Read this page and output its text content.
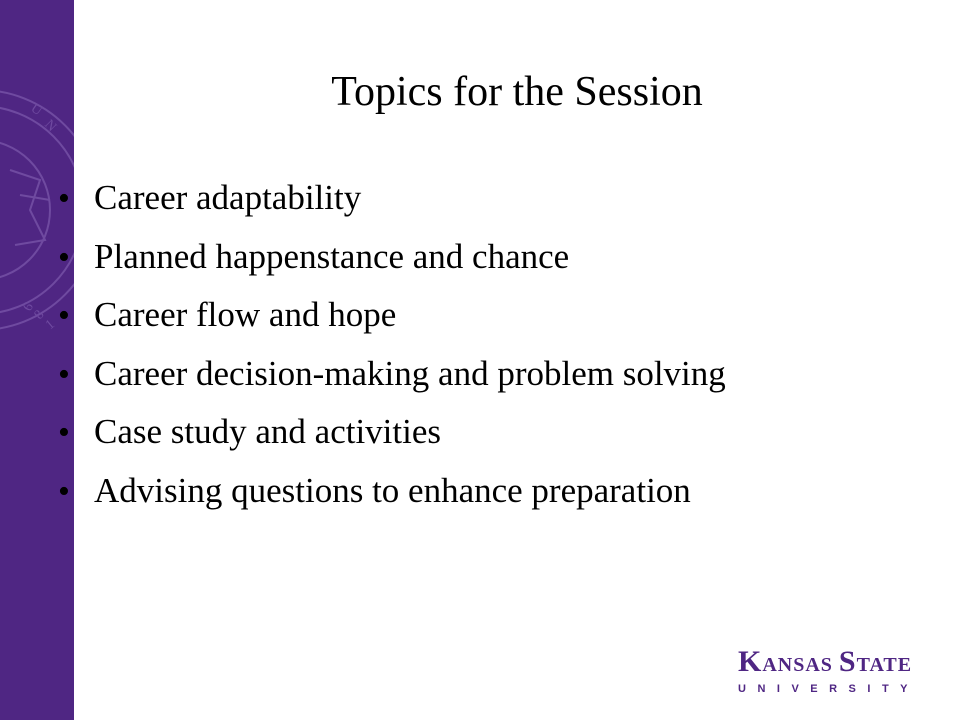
U
N
1
8
6
Topics for the Session
• Career adaptability
• Planned happenstance and chance
• Career flow and hope
• Career decision-making and problem solving
• Case study and activities
• Advising questions to enhance preparation
KANSAS STATE
UNIVERSITY
